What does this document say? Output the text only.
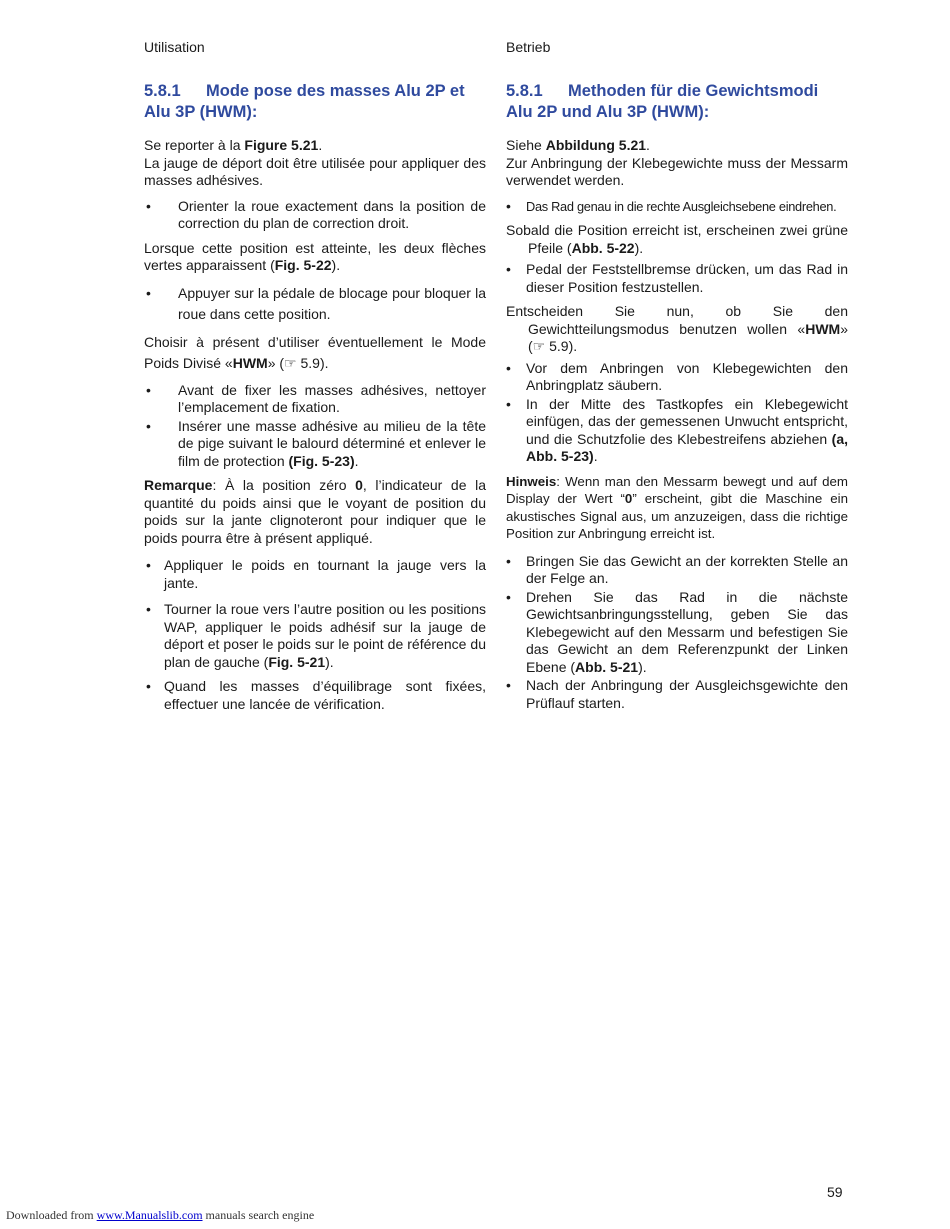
Utilisation
5.8.1 Mode pose des masses Alu 2P et Alu 3P (HWM):

Se reporter à la Figure 5.21.

La jauge de déport doit être utilisée pour appliquer des masses adhésives.

• Orienter la roue exactement dans la position de correction du plan de correction droit.

Lorsque cette position est atteinte, les deux flèches vertes apparaissent (Fig. 5-22).

• Appuyer sur la pédale de blocage pour bloquer la roue dans cette position.

Choisir à présent d’utiliser éventuellement le Mode Poids Divisé «HWM» (☞ 5.9).

• Avant de fixer les masses adhésives, nettoyer l’emplacement de fixation.
• Insérer une masse adhésive au milieu de la tête de pige suivant le balourd déterminé et enlever le film de protection (Fig. 5-23).
Remarque: À la position zéro 0, l’indicateur de la quantité du poids ainsi que le voyant de position du poids sur la jante clignoteront pour indiquer que le poids pourra être à présent appliqué.
• Appliquer le poids en tournant la jauge vers la jante.
• Tourner la roue vers l’autre position ou les positions WAP, appliquer le poids adhésif sur la jauge de déport et poser le poids sur le point de référence du plan de gauche (Fig. 5-21).
• Quand les masses d’équilibrage sont fixées, effectuer une lancée de vérification.
Betrieb
5.8.1 Methoden für die Gewichtsmodi Alu 2P und Alu 3P (HWM):

Siehe Abbildung 5.21.

Zur Anbringung der Klebegewichte muss der Messarm verwendet werden.

• Das Rad genau in die rechte Ausgleichsebene eindrehen.

Sobald die Position erreicht ist, erscheinen zwei grüne Pfeile (Abb. 5-22).

• Pedal der Feststellbremse drücken, um das Rad in dieser Position festzustellen.

Entscheiden Sie nun, ob Sie den Gewichtteilungsmodus benutzen wollen «HWM» (☞ 5.9).

• Vor dem Anbringen von Klebegewichten den Anbringplatz säubern.
• In der Mitte des Tastkopfes ein Klebegewicht einfügen, das der gemessenen Unwucht entspricht, und die Schutzfolie des Klebestreifens abziehen (a, Abb. 5-23).
Hinweis: Wenn man den Messarm bewegt und auf dem Display der Wert “0” erscheint, gibt die Maschine ein akustisches Signal aus, um anzuzeigen, dass die richtige Position zur Anbringung erreicht ist.
• Bringen Sie das Gewicht an der korrekten Stelle an der Felge an.
• Drehen Sie das Rad in die nächste Gewichtsanbringungsstellung, geben Sie das Klebegewicht auf den Messarm und befestigen Sie das Gewicht an dem Referenzpunkt der Linken Ebene (Abb. 5-21).
• Nach der Anbringung der Ausgleichsgewichte den Prüflauf starten.
59
Downloaded from www.Manualslib.com manuals search engine
